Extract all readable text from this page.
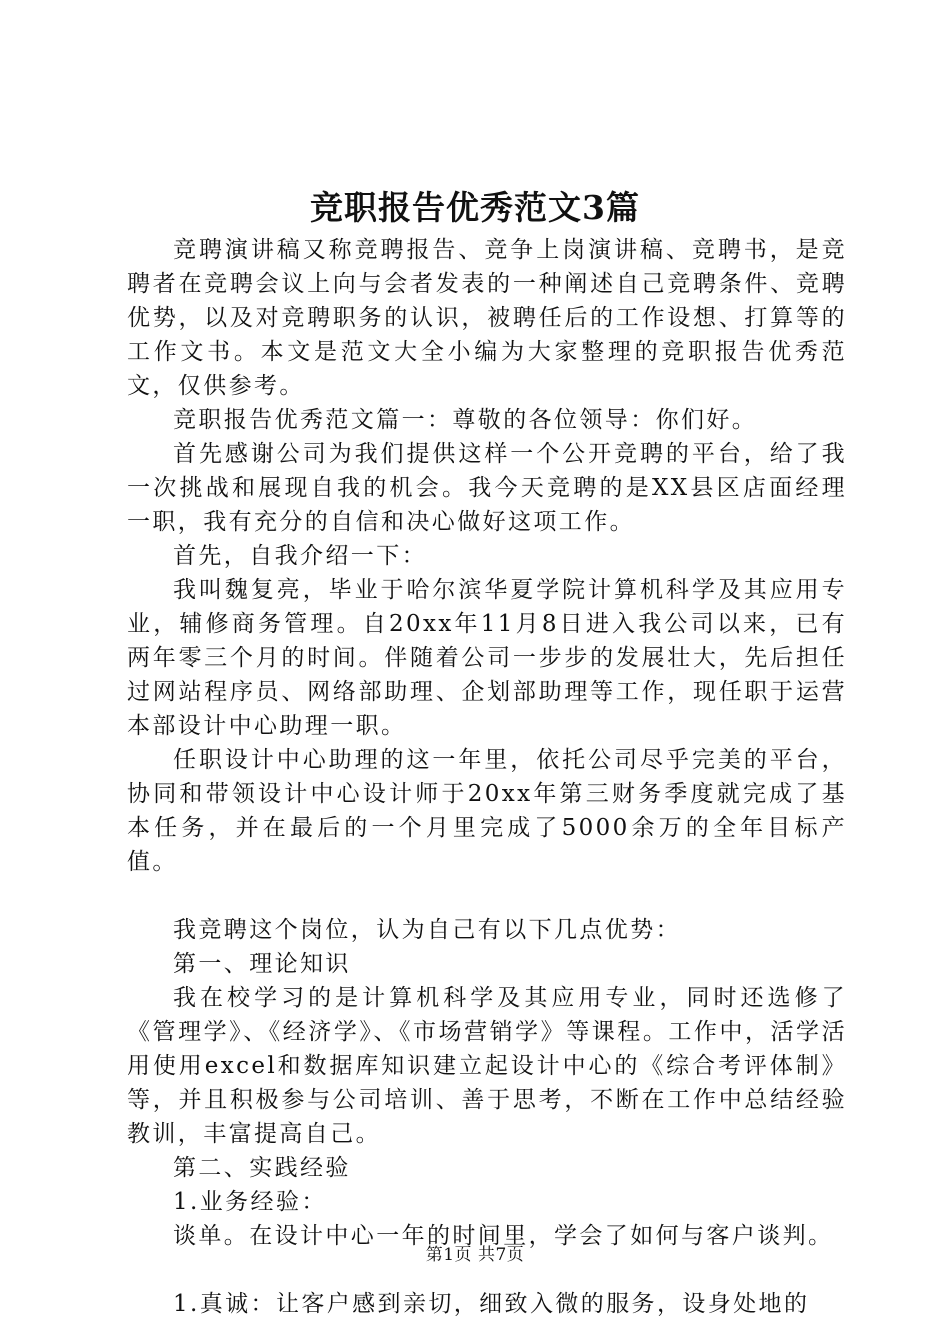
竞职报告优秀范文3篇

竞聘演讲稿又称竞聘报告、竞争上岗演讲稿、竞聘书，是竞聘者在竞聘会议上向与会者发表的一种阐述自己竞聘条件、竞聘优势，以及对竞聘职务的认识，被聘任后的工作设想、打算等的工作文书。本文是范文大全小编为大家整理的竞职报告优秀范文，仅供参考。

竞职报告优秀范文篇一：尊敬的各位领导：你们好。

首先感谢公司为我们提供这样一个公开竞聘的平台，给了我一次挑战和展现自我的机会。我今天竞聘的是XX县区店面经理一职，我有充分的自信和决心做好这项工作。

首先，自我介绍一下：

我叫魏复亮，毕业于哈尔滨华夏学院计算机科学及其应用专业，辅修商务管理。自20xx年11月8日进入我公司以来，已有两年零三个月的时间。伴随着公司一步步的发展壮大，先后担任过网站程序员、网络部助理、企划部助理等工作，现任职于运营本部设计中心助理一职。

任职设计中心助理的这一年里，依托公司尽乎完美的平台，协同和带领设计中心设计师于20xx年第三财务季度就完成了基本任务，并在最后的一个月里完成了5000余万的全年目标产值。

我竞聘这个岗位，认为自己有以下几点优势：

第一、理论知识

我在校学习的是计算机科学及其应用专业，同时还选修了《管理学》、《经济学》、《市场营销学》等课程。工作中，活学活用使用excel和数据库知识建立起设计中心的《综合考评体制》等，并且积极参与公司培训、善于思考，不断在工作中总结经验教训，丰富提高自己。

第二、实践经验

1.业务经验：

谈单。在设计中心一年的时间里，学会了如何与客户谈判。

1.真诚：让客户感到亲切，细致入微的服务，设身处地的

第1页 共7页
